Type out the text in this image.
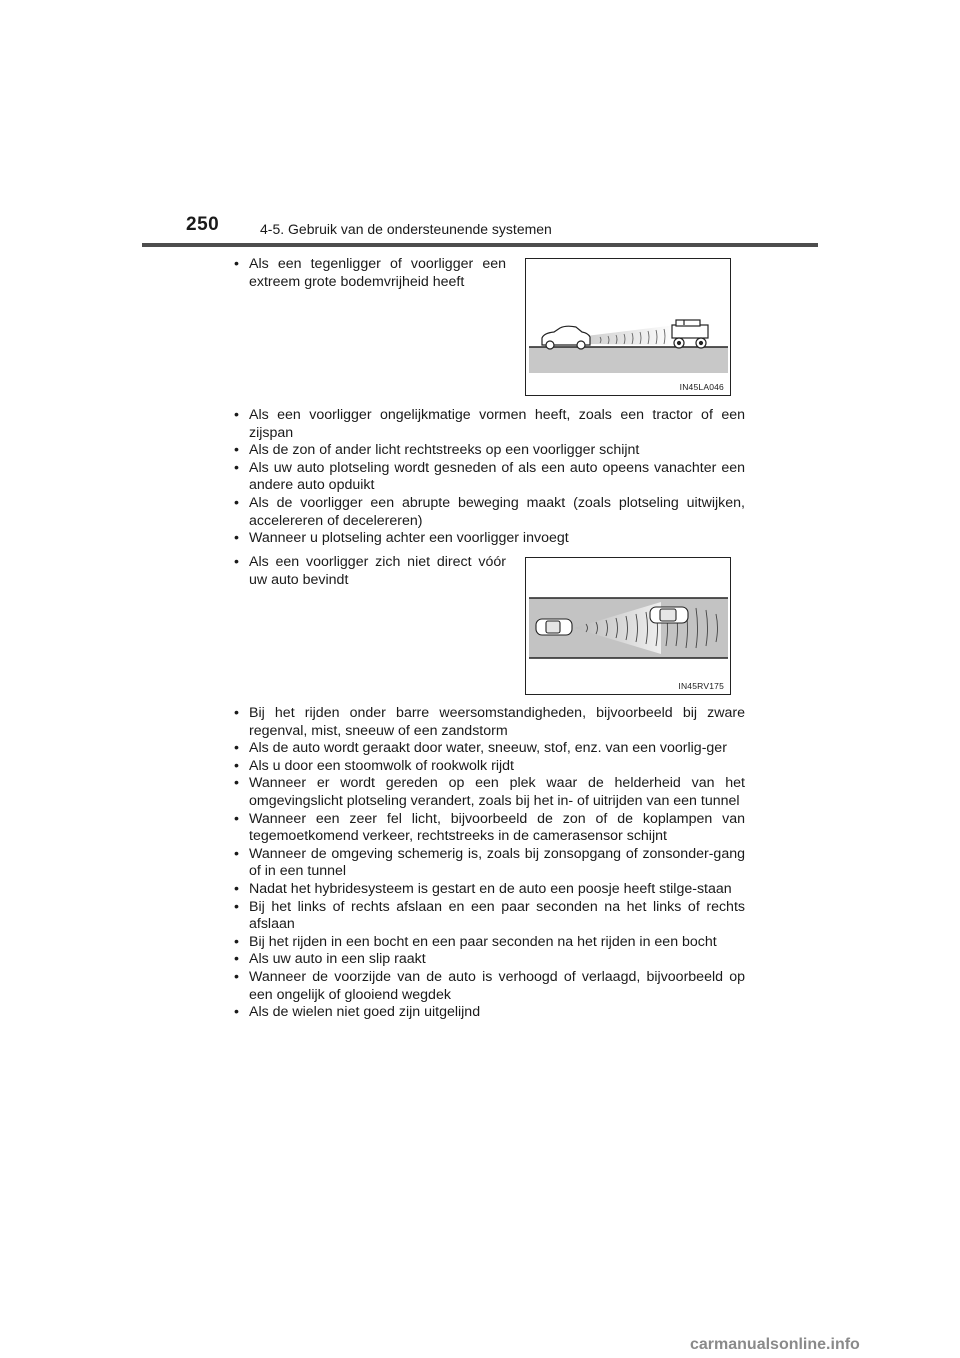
250	4-5. Gebruik van de ondersteunende systemen
• Als een tegenligger of voorligger een extreem grote bodemvrijheid heeft
IN45LA046
• Als een voorligger ongelijkmatige vormen heeft, zoals een tractor of een zijspan
• Als de zon of ander licht rechtstreeks op een voorligger schijnt
• Als uw auto plotseling wordt gesneden of als een auto opeens vanachter een andere auto opduikt
• Als de voorligger een abrupte beweging maakt (zoals plotseling uitwijken, accelereren of decelereren)
• Wanneer u plotseling achter een voorligger invoegt
• Als een voorligger zich niet direct vóór uw auto bevindt
IN45RV175
• Bij het rijden onder barre weersomstandigheden, bijvoorbeeld bij zware regenval, mist, sneeuw of een zandstorm
• Als de auto wordt geraakt door water, sneeuw, stof, enz. van een voorlig-ger
• Als u door een stoomwolk of rookwolk rijdt
• Wanneer er wordt gereden op een plek waar de helderheid van het omgevingslicht plotseling verandert, zoals bij het in- of uitrijden van een tunnel
• Wanneer een zeer fel licht, bijvoorbeeld de zon of de koplampen van tegemoetkomend verkeer, rechtstreeks in de camerasensor schijnt
• Wanneer de omgeving schemerig is, zoals bij zonsopgang of zonsonder-gang of in een tunnel
• Nadat het hybridesysteem is gestart en de auto een poosje heeft stilge-staan
• Bij het links of rechts afslaan en een paar seconden na het links of rechts afslaan
• Bij het rijden in een bocht en een paar seconden na het rijden in een bocht
• Als uw auto in een slip raakt
• Wanneer de voorzijde van de auto is verhoogd of verlaagd, bijvoorbeeld op een ongelijk of glooiend wegdek
• Als de wielen niet goed zijn uitgelijnd
carmanualsonline.info
